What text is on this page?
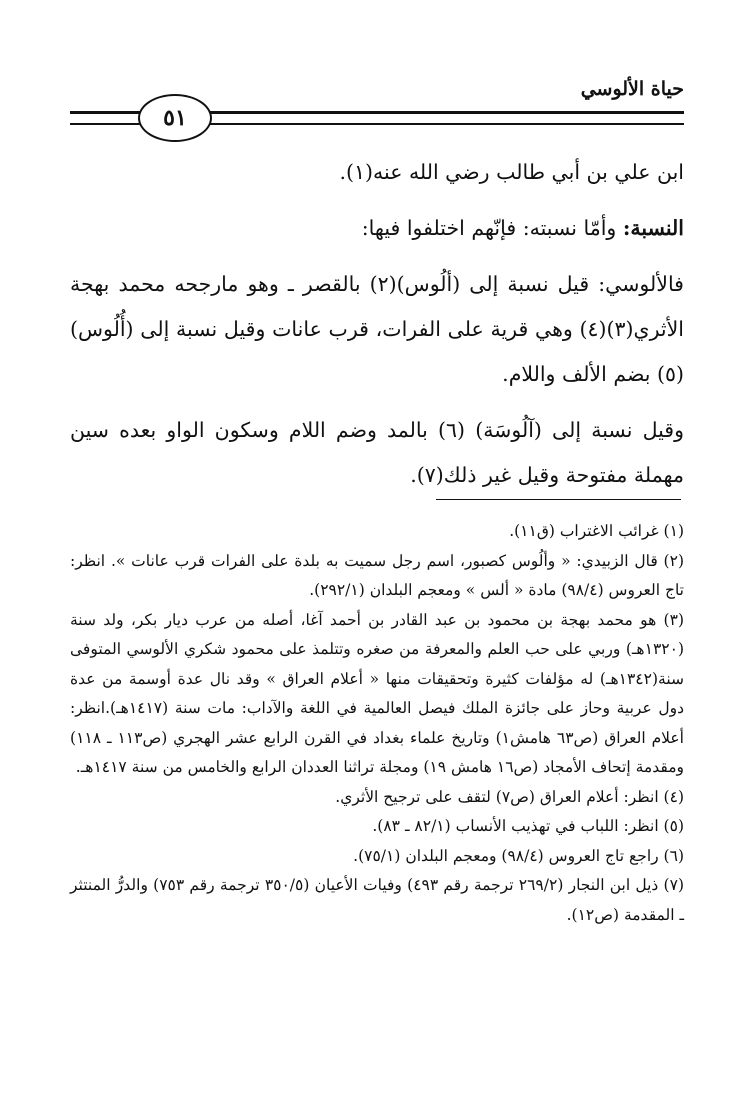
حياة الألوسي
٥١

ابن علي بن أبي طالب رضي الله عنه(١).

النسبة: وأمّا نسبته: فإنّهم اختلفوا فيها:

فالألوسي: قيل نسبة إلى (ألُوس)(٢) بالقصر ـ وهو مارجحه محمد بهجة الأثري(٣)(٤) وهي قرية على الفرات، قرب عانات وقيل نسبة إلى (أُلُوس)(٥) بضم الألف واللام.

وقيل نسبة إلى (آلُوسَة) (٦) بالمد وضم اللام وسكون الواو بعده سين مهملة مفتوحة وقيل غير ذلك(٧).

(١) غرائب الاغتراب (ق١١).

(٢) قال الزبيدي: « وألُوس كصبور، اسم رجل سميت به بلدة على الفرات قرب عانات ». انظر: تاج العروس (٩٨/٤) مادة « ألس » ومعجم البلدان (٢٩٢/١).

(٣) هو محمد بهجة بن محمود بن عبد القادر بن أحمد آغا، أصله من عرب ديار بكر، ولد سنة (١٣٢٠هـ) وربي على حب العلم والمعرفة من صغره وتتلمذ على محمود شكري الألوسي المتوفى سنة(١٣٤٢هـ) له مؤلفات كثيرة وتحقيقات منها « أعلام العراق » وقد نال عدة أوسمة من عدة دول عربية وحاز على جائزة الملك فيصل العالمية في اللغة والآداب: مات سنة (١٤١٧هـ).انظر: أعلام العراق (ص٦٣ هامش١) وتاريخ علماء بغداد في القرن الرابع عشر الهجري (ص١١٣ ـ ١١٨) ومقدمة إتحاف الأمجاد (ص١٦ هامش ١٩) ومجلة تراثنا العددان الرابع والخامس من سنة ١٤١٧هـ.

(٤) انظر: أعلام العراق (ص٧) لتقف على ترجيح الأثري.

(٥) انظر: اللباب في تهذيب الأنساب (٨٢/١ ـ ٨٣).

(٦) راجع تاج العروس (٩٨/٤) ومعجم البلدان (٧٥/١).

(٧) ذيل ابن النجار (٢٦٩/٢ ترجمة رقم ٤٩٣) وفيات الأعيان (٣٥٠/٥ ترجمة رقم ٧٥٣) والدرُّ المنتثر ـ المقدمة (ص١٢).
